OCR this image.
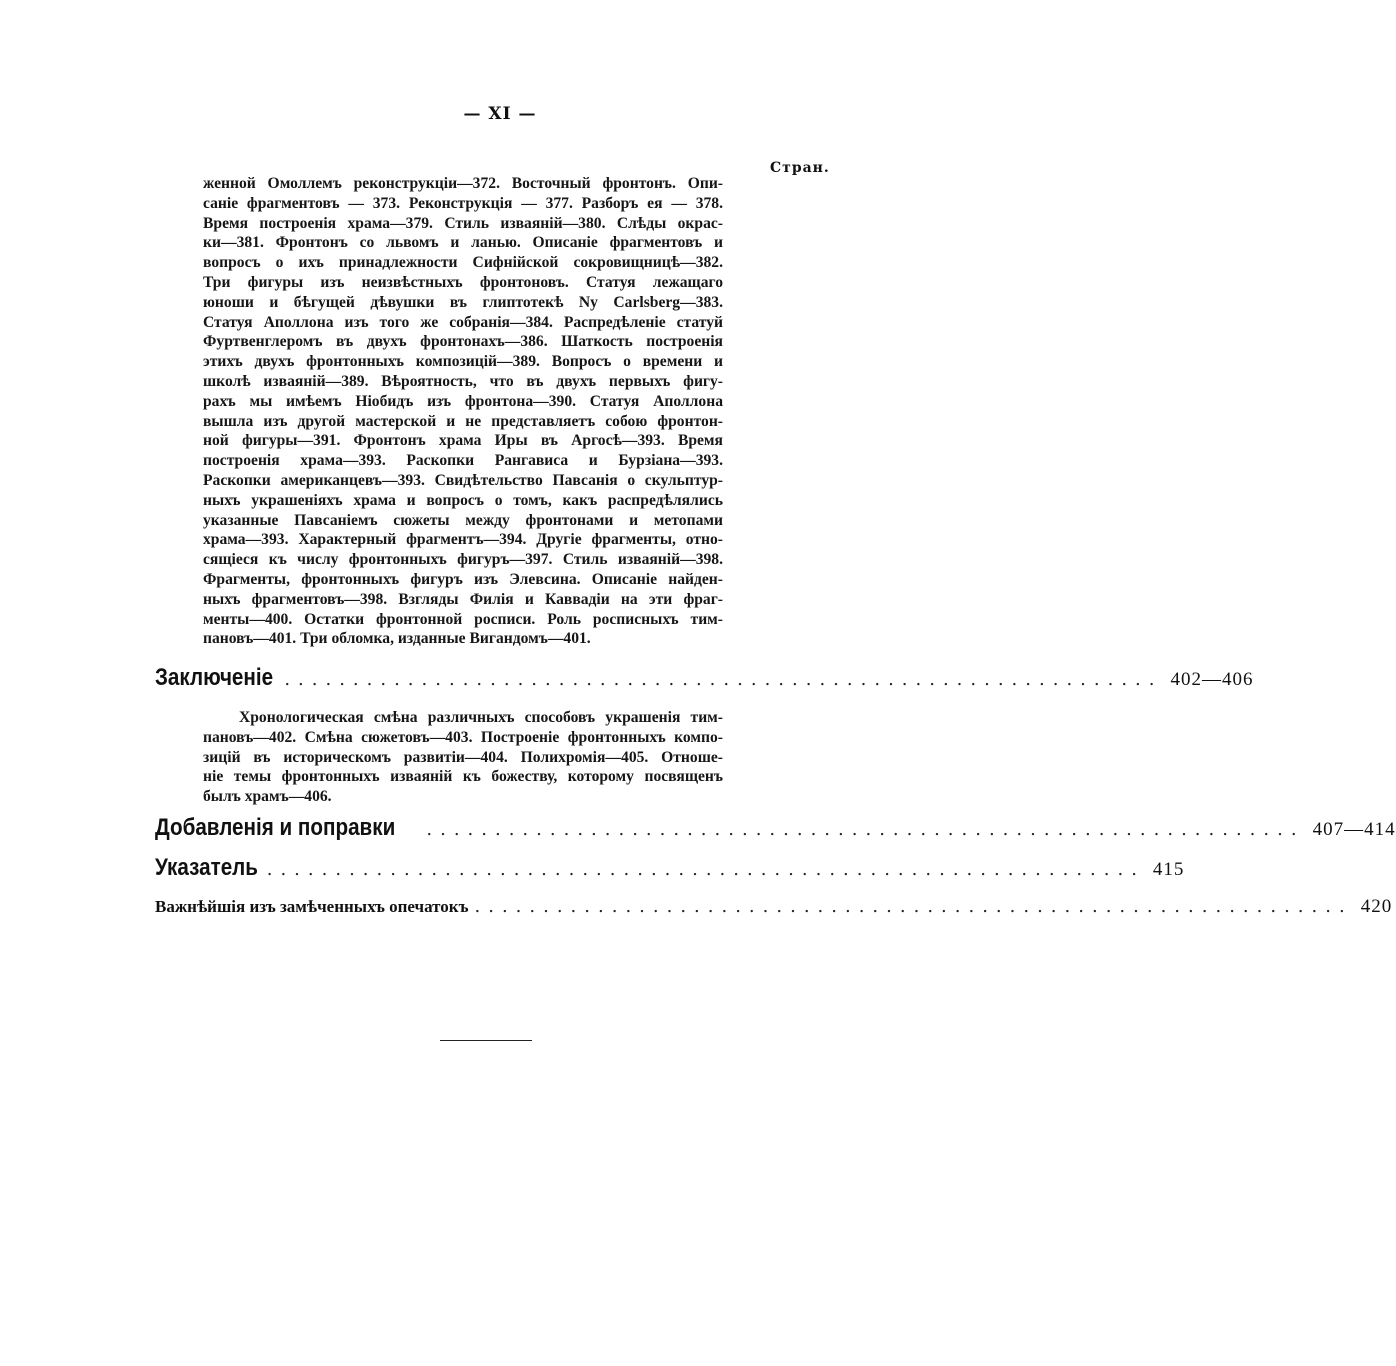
— XI —
Стран.
женной Омоллемъ реконструкціи—372. Восточный фронтонъ. Опи-
саніе фрагментовъ — 373. Реконструкція — 377. Разборъ ея — 378.
Время построенія храма—379. Стиль изваяній—380. Слѣды окрас-
ки—381. Фронтонъ со львомъ и ланью. Описаніе фрагментовъ и
вопросъ о ихъ принадлежности Сифнійской сокровищницѣ—382.
Три фигуры изъ неизвѣстныхъ фронтоновъ. Статуя лежащаго
юноши и бѣгущей дѣвушки въ глиптотекѣ Ny Carlsberg—383.
Статуя Аполлона изъ того же собранія—384. Распредѣленіе статуй
Фуртвенглеромъ въ двухъ фронтонахъ—386. Шаткость построенія
этихъ двухъ фронтонныхъ композицій—389. Вопросъ о времени и
школѣ изваяній—389. Вѣроятность, что въ двухъ первыхъ фигу-
рахъ мы имѣемъ Ніобидъ изъ фронтона—390. Статуя Аполлона
вышла изъ другой мастерской и не представляетъ собою фронтон-
ной фигуры—391. Фронтонъ храма Иры въ Аргосѣ—393. Время
построенія храма—393. Раскопки Рангависа и Бурзіана—393.
Раскопки американцевъ—393. Свидѣтельство Павсанія о скульптур-
ныхъ украшеніяхъ храма и вопросъ о томъ, какъ распредѣлялись
указанные Павсаніемъ сюжеты между фронтонами и метопами
храма—393. Характерный фрагментъ—394. Другіе фрагменты, отно-
сящіеся къ числу фронтонныхъ фигуръ—397. Стиль изваяній—398.
Фрагменты, фронтонныхъ фигуръ изъ Элевсина. Описаніе найден-
ныхъ фрагментовъ—398. Взгляды Филія и Каввадіи на эти фраг-
менты—400. Остатки фронтонной росписи. Роль росписныхъ тим-
пановъ—401. Три обломка, изданные Вигандомъ—401.
Заключеніе ................................................................ 402—406
Хронологическая смѣна различныхъ способовъ украшенія тим-
пановъ—402. Смѣна сюжетовъ—403. Построеніе фронтонныхъ компо-
зицій въ историческомъ развитіи—404. Полихромія—405. Отноше-
ніе темы фронтонныхъ изваяній къ божеству, которому посвященъ
былъ храмъ—406.
Добавленія и поправки	................................................................ 407—414
Указатель ................................................................ 415
Важнѣйшія изъ замѣченныхъ опечатокъ ................................................................ 420
